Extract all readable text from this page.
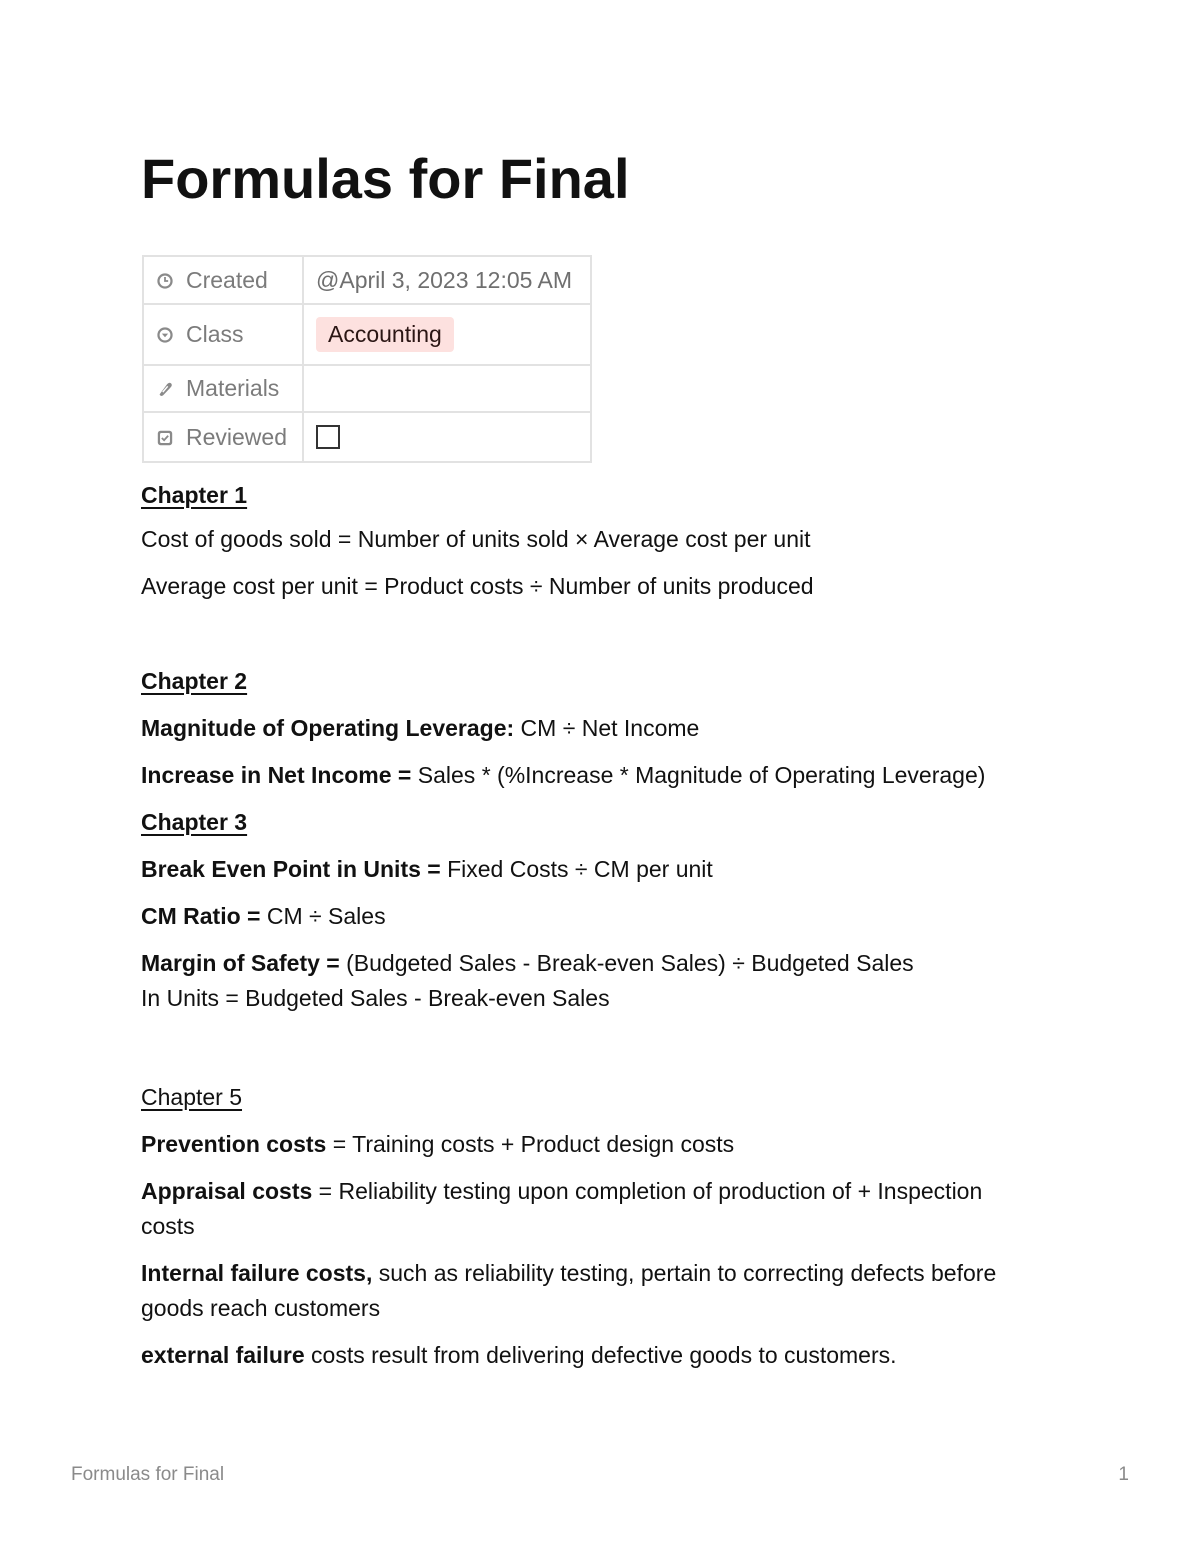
Formulas for Final
Created	@April 3, 2023 12:05 AM
Class	Accounting
Materials	
Reviewed	

Chapter 1

Cost of goods sold = Number of units sold × Average cost per unit

Average cost per unit = Product costs ÷ Number of units produced

Chapter 2

Magnitude of Operating Leverage: CM ÷ Net Income

Increase in Net Income = Sales * (%Increase * Magnitude of Operating Leverage)

Chapter 3

Break Even Point in Units = Fixed Costs ÷ CM per unit

CM Ratio = CM ÷ Sales

Margin of Safety = (Budgeted Sales - Break-even Sales) ÷ Budgeted Sales

In Units = Budgeted Sales - Break-even Sales

Chapter 5

Prevention costs = Training costs + Product design costs

Appraisal costs = Reliability testing upon completion of production of + Inspection costs

Internal failure costs, such as reliability testing, pertain to correcting defects before goods reach customers

external failure costs result from delivering defective goods to customers.

Formulas for Final	1
